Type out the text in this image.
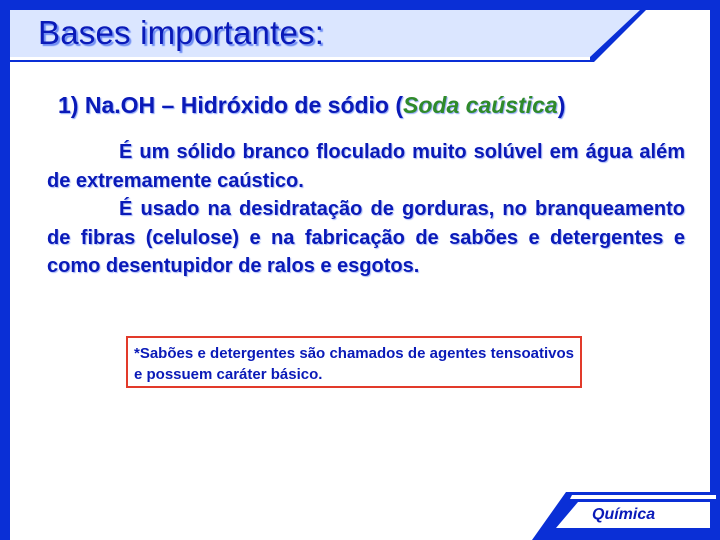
Bases importantes:
1) Na.OH – Hidróxido de sódio (Soda caústica)

É um sólido branco floculado muito solúvel em água além de extremamente caústico.

É usado na desidratação de gorduras, no branqueamento de fibras (celulose) e na fabricação de sabões e detergentes e como desentupidor de ralos e esgotos.

*Sabões e detergentes são chamados de agentes tensoativos e possuem caráter básico.
Química
